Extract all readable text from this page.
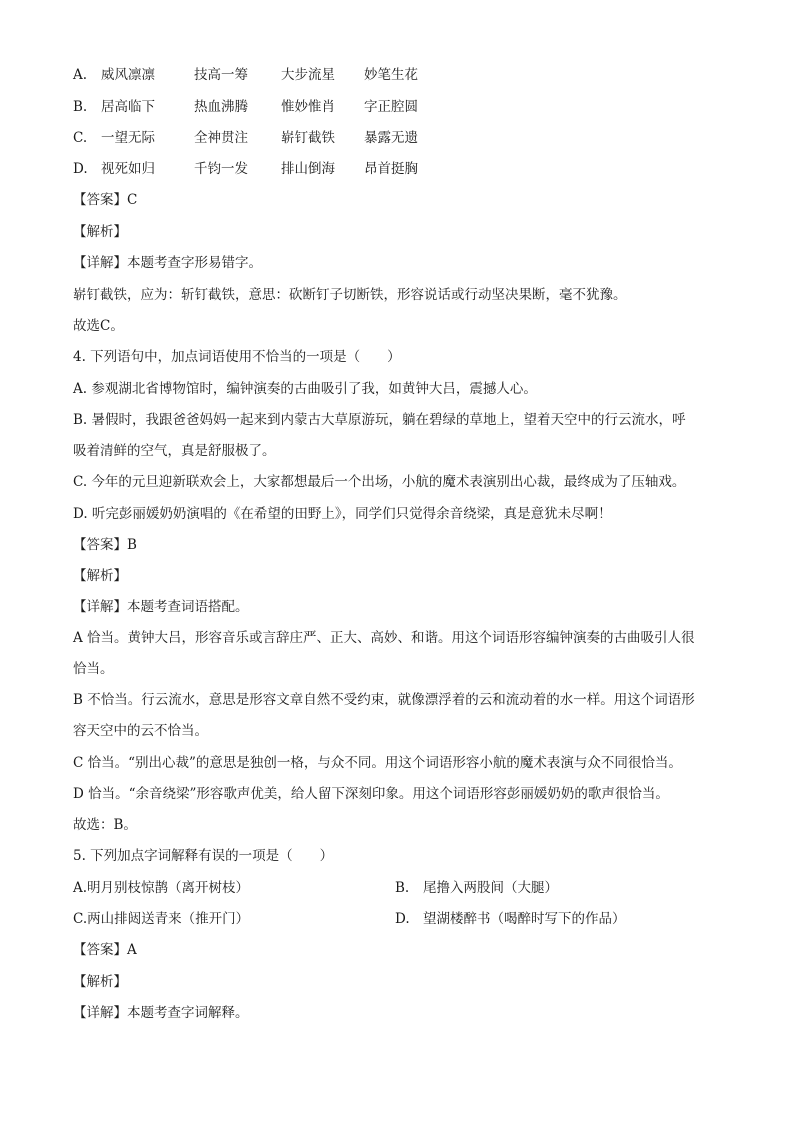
A. 威风凛凛	技高一筹 大步流星 妙笔生花
B. 居高临下	热血沸腾 惟妙惟肖 字正腔圆
C. 一望无际	全神贯注 崭钉截铁 暴露无遗
D. 视死如归	千钧一发 排山倒海 昂首挺胸
【答案】C
【解析】
【详解】本题考查字形易错字。
崭钉截铁，应为：斩钉截铁，意思：砍断钉子切断铁，形容说话或行动坚决果断，毫不犹豫。
故选C。
4. 下列语句中，加点词语使用不恰当的一项是（　　）
A. 参观湖北省博物馆时，编钟演奏的古曲吸引了我，如黄钟大吕，震撼人心。
B. 暑假时，我跟爸爸妈妈一起来到内蒙古大草原游玩，躺在碧绿的草地上，望着天空中的行云流水，呼
吸着清鲜的空气，真是舒服极了。
C. 今年的元旦迎新联欢会上，大家都想最后一个出场，小航的魔术表演别出心裁，最终成为了压轴戏。
D. 听完彭丽媛奶奶演唱的《在希望的田野上》，同学们只觉得余音绕梁，真是意犹未尽啊！
【答案】B
【解析】
【详解】本题考查词语搭配。
A 恰当。黄钟大吕，形容音乐或言辞庄严、正大、高妙、和谐。用这个词语形容编钟演奏的古曲吸引人很
恰当。
B 不恰当。行云流水，意思是形容文章自然不受约束，就像漂浮着的云和流动着的水一样。用这个词语形
容天空中的云不恰当。
C 恰当。“别出心裁”的意思是独创一格，与众不同。用这个词语形容小航的魔术表演与众不同很恰当。
D 恰当。“余音绕梁”形容歌声优美，给人留下深刻印象。用这个词语形容彭丽媛奶奶的歌声很恰当。
故选：B。
5. 下列加点字词解释有误的一项是（　　）
A.明月别枝惊鹊（离开树枝）	B. 尾撸入两股间（大腿）
C.两山排闼送青来（推开门）	D. 望湖楼醉书（喝醉时写下的作品）
【答案】A
【解析】
【详解】本题考查字词解释。
